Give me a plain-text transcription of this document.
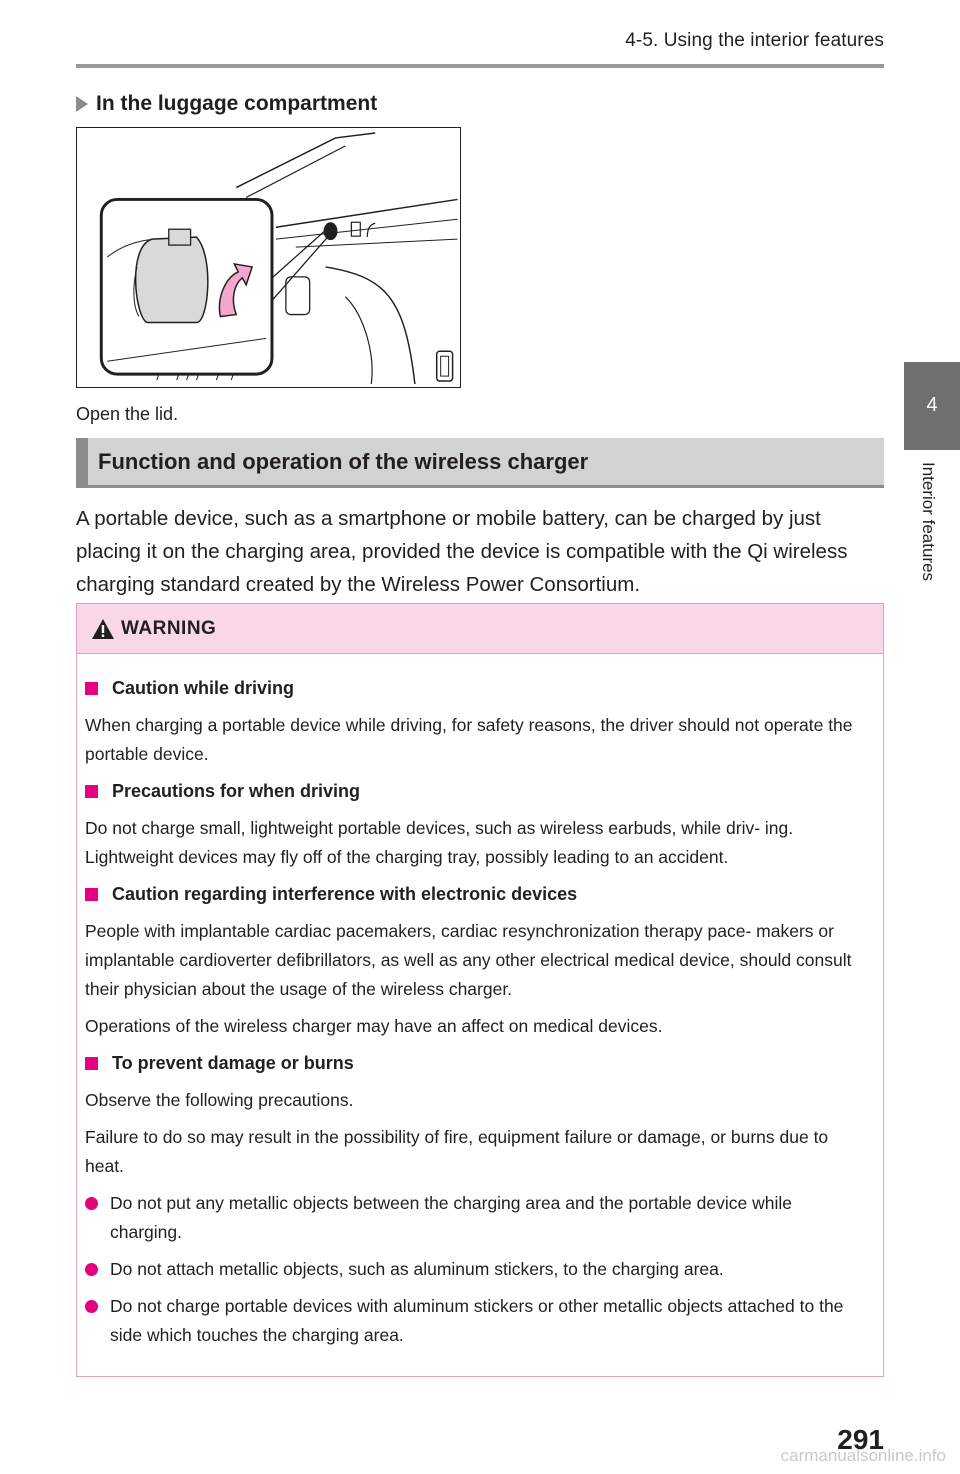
4-5. Using the interior features
4
Interior features
In the luggage compartment
Open the lid.
Function and operation of the wireless charger
A portable device, such as a smartphone or mobile battery, can be charged by just placing it on the charging area, provided the device is compatible with the Qi wireless charging standard created by the Wireless Power Consortium.
WARNING
Caution while driving
When charging a portable device while driving, for safety reasons, the driver should not operate the portable device.
Precautions for when driving
Do not charge small, lightweight portable devices, such as wireless earbuds, while driv- ing. Lightweight devices may fly off of the charging tray, possibly leading to an accident.
Caution regarding interference with electronic devices
People with implantable cardiac pacemakers, cardiac resynchronization therapy pace- makers or implantable cardioverter defibrillators, as well as any other electrical medical device, should consult their physician about the usage of the wireless charger.
Operations of the wireless charger may have an affect on medical devices.
To prevent damage or burns
Observe the following precautions.
Failure to do so may result in the possibility of fire, equipment failure or damage, or burns due to heat.
Do not put any metallic objects between the charging area and the portable device while charging.
Do not attach metallic objects, such as aluminum stickers, to the charging area.
Do not charge portable devices with aluminum stickers or other metallic objects attached to the side which touches the charging area.
291
carmanualsonline.info
